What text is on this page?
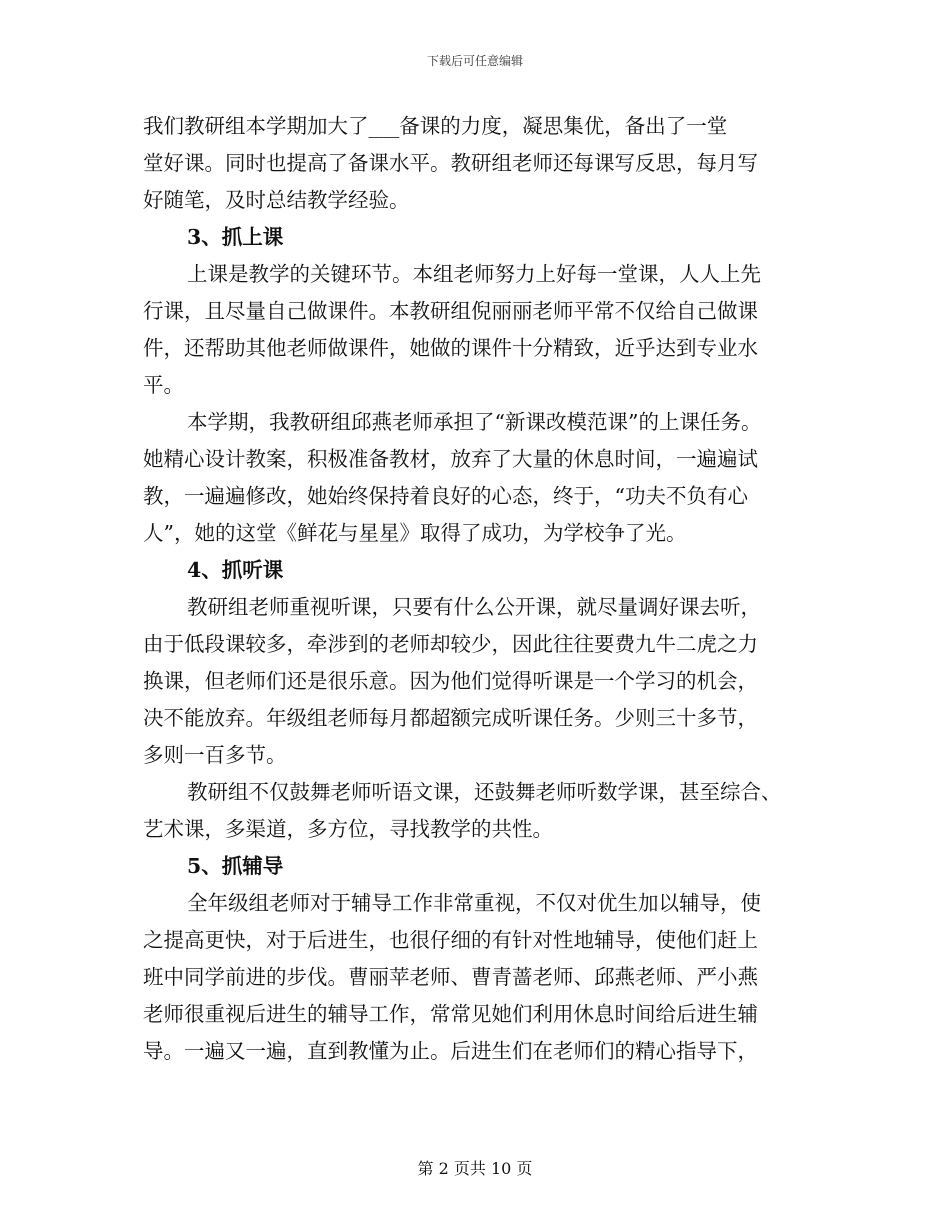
下载后可任意编辑
我们教研组本学期加大了___备课的力度，凝思集优，备出了一堂
堂好课。同时也提高了备课水平。教研组老师还每课写反思，每月写
好随笔，及时总结教学经验。
3、抓上课
上课是教学的关键环节。本组老师努力上好每一堂课，人人上先
行课，且尽量自己做课件。本教研组倪丽丽老师平常不仅给自己做课
件，还帮助其他老师做课件，她做的课件十分精致，近乎达到专业水
平。
本学期，我教研组邱燕老师承担了“新课改模范课”的上课任务。
她精心设计教案，积极准备教材，放弃了大量的休息时间，一遍遍试
教，一遍遍修改，她始终保持着良好的心态，终于，“功夫不负有心
人”，她的这堂《鲜花与星星》取得了成功，为学校争了光。
4、抓听课
教研组老师重视听课，只要有什么公开课，就尽量调好课去听，
由于低段课较多，牵涉到的老师却较少，因此往往要费九牛二虎之力
换课，但老师们还是很乐意。因为他们觉得听课是一个学习的机会，
决不能放弃。年级组老师每月都超额完成听课任务。少则三十多节，
多则一百多节。
教研组不仅鼓舞老师听语文课，还鼓舞老师听数学课，甚至综合、
艺术课，多渠道，多方位，寻找教学的共性。
5、抓辅导
全年级组老师对于辅导工作非常重视，不仅对优生加以辅导，使
之提高更快，对于后进生，也很仔细的有针对性地辅导，使他们赶上
班中同学前进的步伐。曹丽苹老师、曹青蔷老师、邱燕老师、严小燕
老师很重视后进生的辅导工作，常常见她们利用休息时间给后进生辅
导。一遍又一遍，直到教懂为止。后进生们在老师们的精心指导下，
第 2 页共 10 页
